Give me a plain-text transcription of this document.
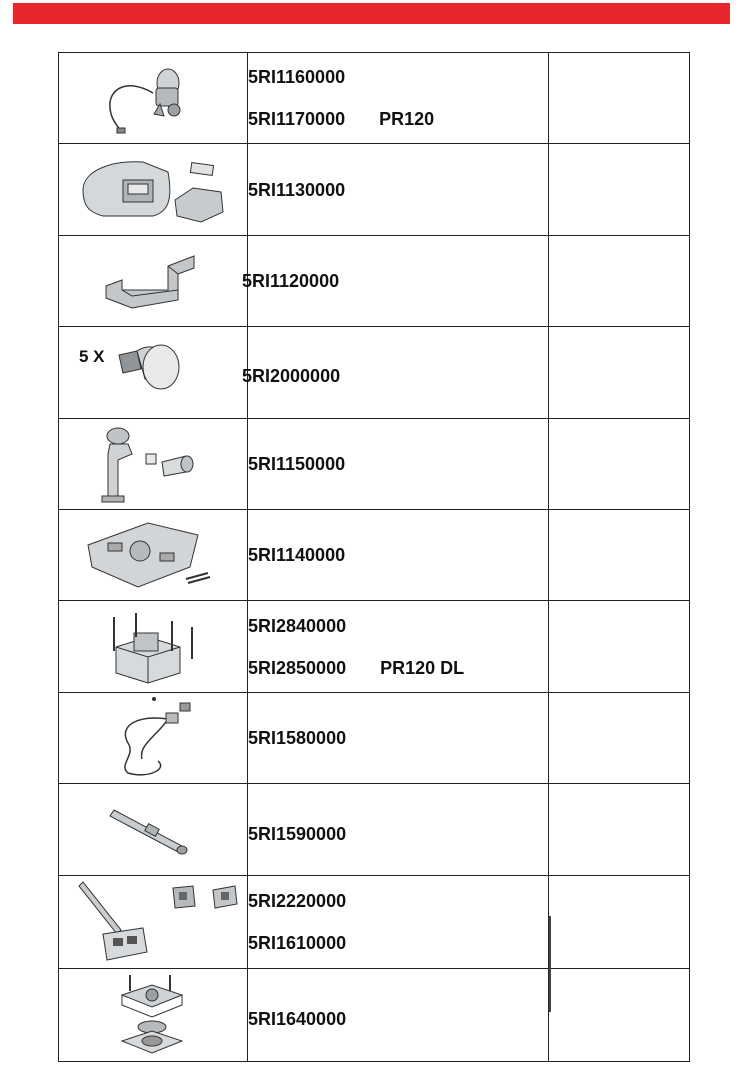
5RI1160000
5RI1170000 PR120	

5RI1130000	

5RI1120000	

5 X	5RI2000000	

5RI1150000	

5RI1140000	

5RI2840000
5RI2850000 PR120 DL	

5RI1580000	

5RI1590000	

5RI2220000
5RI1610000	

5RI1640000	
